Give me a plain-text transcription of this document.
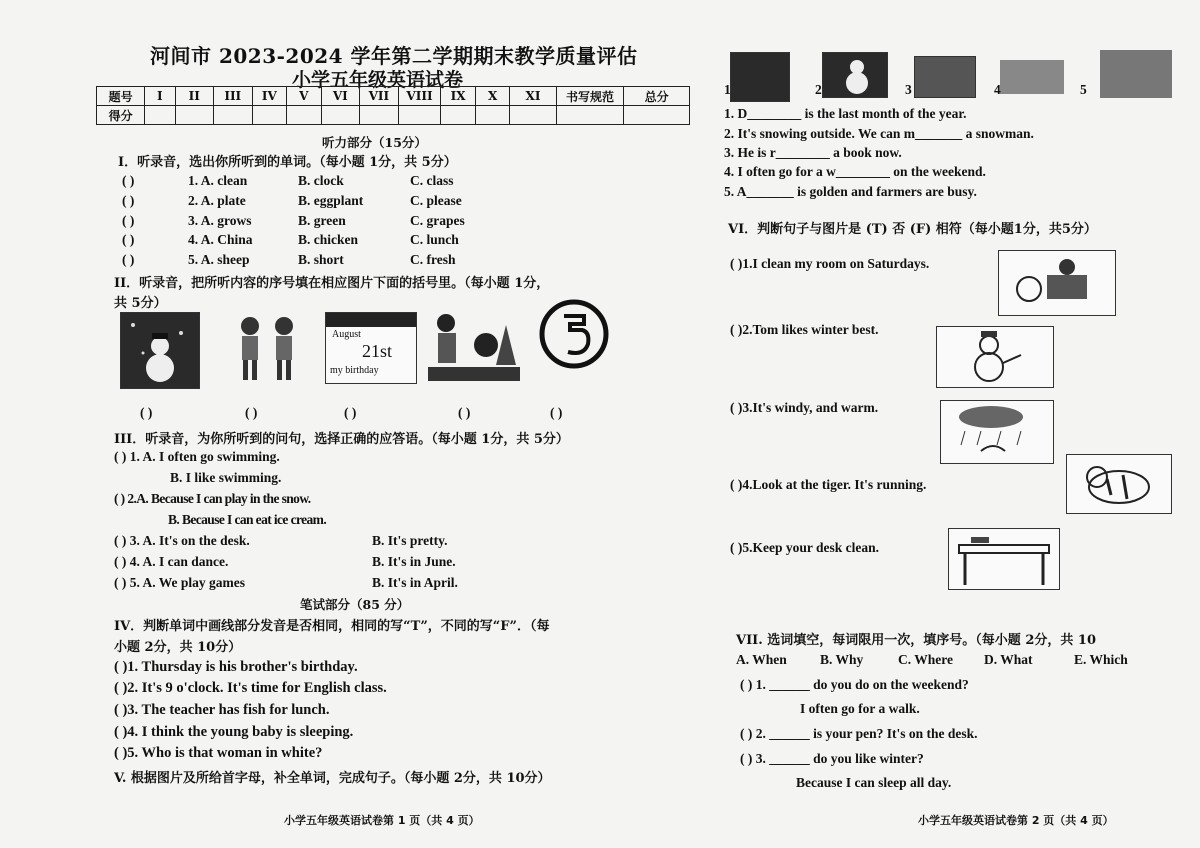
河间市 2023-2024 学年第二学期期末教学质量评估
小学五年级英语试卷
题号	I	II	III	IV	V	VI	VII	VIII	IX	X	XI	书写规范	总分
得分													
听力部分（15分）
I．听录音，选出你所听到的单词。（每小题 1分，共 5分）
( )	1. A. clean	B. clock	C. class
( )	2. A. plate	B. eggplant	C. please
( )	3. A. grows	B. green	C. grapes
( )	4. A. China	B. chicken	C. lunch
( )	5. A. sheep	B. short	C. fresh
II．听录音，把所听内容的序号填在相应图片下面的括号里。（每小题 1分，
共 5分）
August
21st
my birthday
( )	( )	( )	( )	( )
III．听录音，为你所听到的问句，选择正确的应答语。（每小题 1分，共 5分）
( ) 1. A. I often go swimming.
B. I like swimming.
( ) 2.A. Because I can play in the snow.
B. Because I can eat ice cream.
( ) 3. A. It's on the desk.	B. It's pretty.
( ) 4. A. I can dance.	B. It's in June.
( ) 5. A. We play games	B. It's in April.
笔试部分（85 分）
IV．判断单词中画线部分发音是否相同，相同的写“T”，不同的写“F”．（每
小题 2分，共 10分）
( )1. Thursday is his brother's birthday.
( )2. It's 9 o'clock. It's time for English class.
( )3. The teacher has fish for lunch.
( )4. I think the young baby is sleeping.
( )5. Who is that woman in white?
V. 根据图片及所给首字母，补全单词，完成句子。（每小题 2分，共 10分）
小学五年级英语试卷第 1 页（共 4 页）
1	2	3	4	5
1. D________ is the last month of the year.
2. It's snowing outside. We can m_______ a snowman.
3. He is r________ a book now.
4. I often go for a w________ on the weekend.
5. A_______ is golden and farmers are busy.
VI．判断句子与图片是 (T) 否 (F) 相符（每小题1分，共5分）
( )1.I clean my room on Saturdays.
( )2.Tom likes winter best.
( )3.It's windy, and warm.
( )4.Look at the tiger. It's running.
( )5.Keep your desk clean.
VII. 选词填空，每词限用一次，填序号。（每小题 2分，共 10
A. When B. Why	C. Where D. What	E. Which
( ) 1. ______ do you do on the weekend?
I often go for a walk.
( ) 2. ______ is your pen? It's on the desk.
( ) 3. ______ do you like winter?
Because I can sleep all day.
小学五年级英语试卷第 2 页（共 4 页）
